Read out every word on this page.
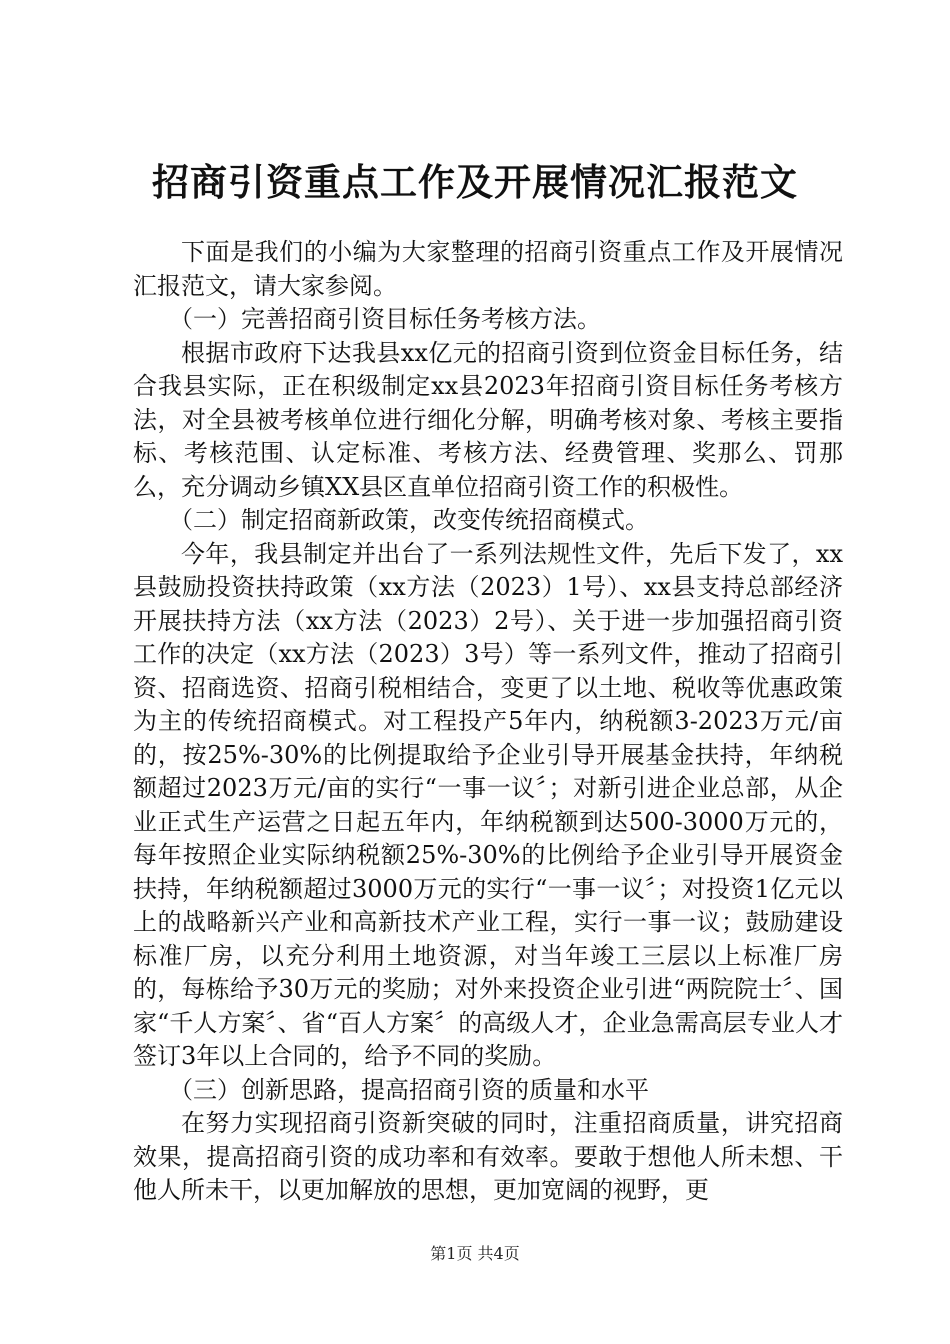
招商引资重点工作及开展情况汇报范文

下面是我们的小编为大家整理的招商引资重点工作及开展情况汇报范文，请大家参阅。

（一）完善招商引资目标任务考核方法。

根据市政府下达我县xx亿元的招商引资到位资金目标任务，结合我县实际，正在积级制定xx县2023年招商引资目标任务考核方法，对全县被考核单位进行细化分解，明确考核对象、考核主要指标、考核范围、认定标准、考核方法、经费管理、奖那么、罚那么，充分调动乡镇XX县区直单位招商引资工作的积极性。

（二）制定招商新政策，改变传统招商模式。

今年，我县制定并出台了一系列法规性文件，先后下发了，xx县鼓励投资扶持政策（xx方法（2023）1号）、xx县支持总部经济开展扶持方法（xx方法（2023）2号）、关于进一步加强招商引资工作的决定（xx方法（2023）3号）等一系列文件，推动了招商引资、招商选资、招商引税相结合，变更了以土地、税收等优惠政策为主的传统招商模式。对工程投产5年内，纳税额3-2023万元/亩的，按25%-30%的比例提取给予企业引导开展基金扶持，年纳税额超过2023万元/亩的实行“一事一议〞；对新引进企业总部，从企业正式生产运营之日起五年内，年纳税额到达500-3000万元的，每年按照企业实际纳税额25%-30%的比例给予企业引导开展资金扶持，年纳税额超过3000万元的实行“一事一议〞；对投资1亿元以上的战略新兴产业和高新技术产业工程，实行一事一议；鼓励建设标准厂房，以充分利用土地资源，对当年竣工三层以上标准厂房的，每栋给予30万元的奖励；对外来投资企业引进“两院院士〞、国家“千人方案〞、省“百人方案〞的高级人才，企业急需高层专业人才签订3年以上合同的，给予不同的奖励。

（三）创新思路，提高招商引资的质量和水平

在努力实现招商引资新突破的同时，注重招商质量，讲究招商效果，提高招商引资的成功率和有效率。要敢于想他人所未想、干他人所未干，以更加解放的思想，更加宽阔的视野，更

第1页 共4页
